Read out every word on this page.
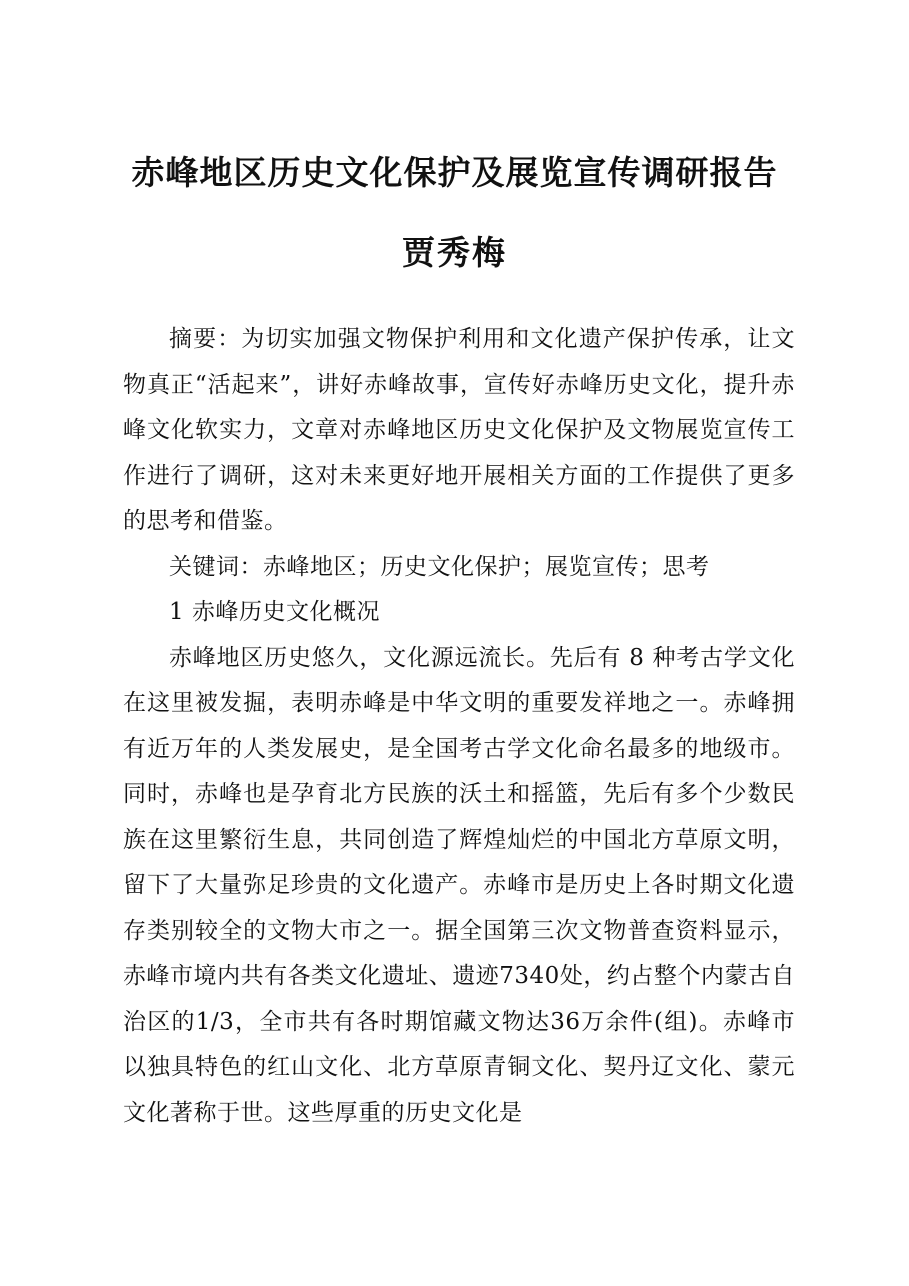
赤峰地区历史文化保护及展览宣传调研报告
贾秀梅

摘要：为切实加强文物保护利用和文化遗产保护传承，让文物真正“活起来”，讲好赤峰故事，宣传好赤峰历史文化，提升赤峰文化软实力，文章对赤峰地区历史文化保护及文物展览宣传工作进行了调研，这对未来更好地开展相关方面的工作提供了更多的思考和借鉴。

关键词：赤峰地区；历史文化保护；展览宣传；思考

1 赤峰历史文化概况

赤峰地区历史悠久，文化源远流长。先后有 8 种考古学文化在这里被发掘，表明赤峰是中华文明的重要发祥地之一。赤峰拥有近万年的人类发展史，是全国考古学文化命名最多的地级市。同时，赤峰也是孕育北方民族的沃土和摇篮，先后有多个少数民族在这里繁衍生息，共同创造了辉煌灿烂的中国北方草原文明，留下了大量弥足珍贵的文化遗产。赤峰市是历史上各时期文化遗存类别较全的文物大市之一。据全国第三次文物普查资料显示，赤峰市境内共有各类文化遗址、遗迹7340处，约占整个内蒙古自治区的1/3，全市共有各时期馆藏文物达36万余件(组)。赤峰市以独具特色的红山文化、北方草原青铜文化、契丹辽文化、蒙元文化著称于世。这些厚重的历史文化是
